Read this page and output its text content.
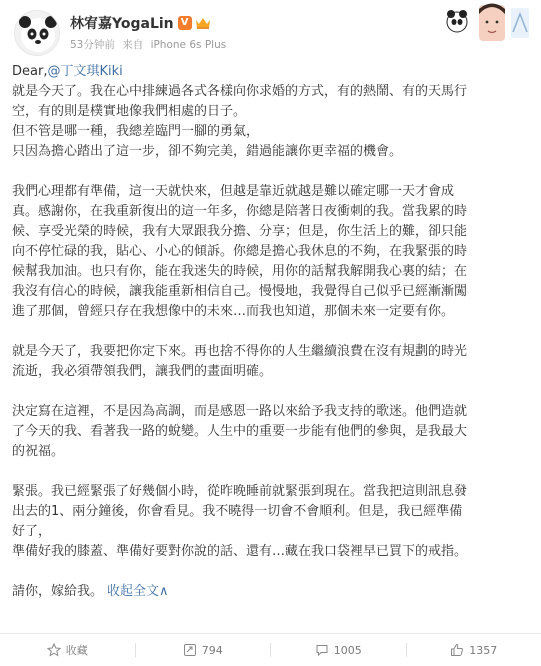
林宥嘉YogaLin V
53分钟前 来自 iPhone 6s Plus

Dear,@丁文琪Kiki

就是今天了。我在心中排練過各式各樣向你求婚的方式，有的熱鬧、有的天馬行

空，有的則是樸實地像我們相處的日子。

但不管是哪一種，我總差臨門一腳的勇氣，

只因為擔心踏出了這一步，卻不夠完美，錯過能讓你更幸福的機會。

我們心理都有準備，這一天就快來，但越是靠近就越是難以確定哪一天才會成

真。感謝你，在我重新復出的這一年多，你總是陪著日夜衝刺的我。當我累的時

候、享受光榮的時候，我有大眾跟我分擔、分享；但是，你生活上的難，卻只能

向不停忙碌的我，貼心、小心的傾訴。你總是擔心我休息的不夠，在我緊張的時

候幫我加油。也只有你，能在我迷失的時候，用你的話幫我解開我心裏的結；在

我沒有信心的時候，讓我能重新相信自己。慢慢地，我覺得自己似乎已經漸漸闖

進了那個，曾經只存在我想像中的未來…而我也知道，那個未來一定要有你。

就是今天了，我要把你定下來。再也捨不得你的人生繼續浪費在沒有規劃的時光

流逝，我必須帶領我們，讓我們的畫面明確。

決定寫在這裡，不是因為高調，而是感恩一路以來給予我支持的歌迷。他們造就

了今天的我、看著我一路的蛻變。人生中的重要一步能有他們的參與，是我最大

的祝福。

緊張。我已經緊張了好幾個小時，從昨晚睡前就緊張到現在。當我把這則訊息發

出去的1、兩分鐘後，你會看見。我不曉得一切會不會順利。但是，我已經準備

好了，

準備好我的膝蓋、準備好要對你說的話、還有…藏在我口袋裡早已買下的戒指。

請你，嫁給我。 收起全文∧

收藏	794	1005	1357
